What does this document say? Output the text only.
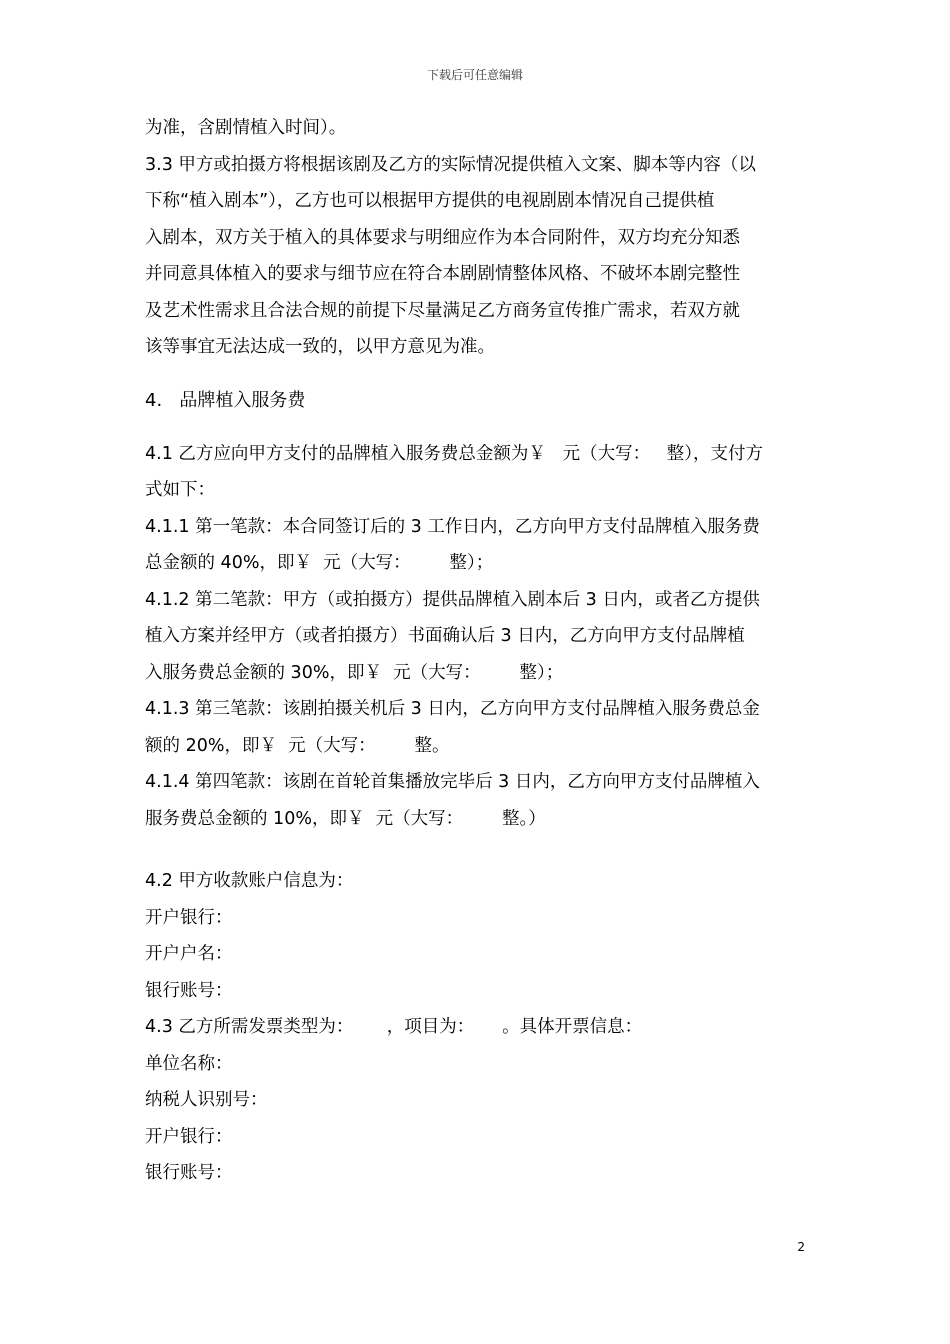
下载后可任意编辑
为准，含剧情植入时间）。
3.3 甲方或拍摄方将根据该剧及乙方的实际情况提供植入文案、脚本等内容（以
下称“植入剧本”），乙方也可以根据甲方提供的电视剧剧本情况自己提供植
入剧本，双方关于植入的具体要求与明细应作为本合同附件，双方均充分知悉
并同意具体植入的要求与细节应在符合本剧剧情整体风格、不破坏本剧完整性
及艺术性需求且合法合规的前提下尽量满足乙方商务宣传推广需求，若双方就
该等事宜无法达成一致的，以甲方意见为准。
4.   品牌植入服务费
4.1 乙方应向甲方支付的品牌植入服务费总金额为￥   元（大写：   整），支付方
式如下：
4.1.1 第一笔款：本合同签订后的 3 工作日内，乙方向甲方支付品牌植入服务费
总金额的 40%，即￥  元（大写：       整）；
4.1.2 第二笔款：甲方（或拍摄方）提供品牌植入剧本后 3 日内，或者乙方提供
植入方案并经甲方（或者拍摄方）书面确认后 3 日内，乙方向甲方支付品牌植
入服务费总金额的 30%，即￥  元（大写：       整）；
4.1.3 第三笔款：该剧拍摄关机后 3 日内，乙方向甲方支付品牌植入服务费总金
额的 20%，即￥  元（大写：       整。
4.1.4 第四笔款：该剧在首轮首集播放完毕后 3 日内，乙方向甲方支付品牌植入
服务费总金额的 10%，即￥  元（大写：       整。）
4.2 甲方收款账户信息为：
开户银行：
开户户名：
银行账号：
4.3 乙方所需发票类型为：      ，项目为：     。具体开票信息：
单位名称：
纳税人识别号：
开户银行：
银行账号：
2
